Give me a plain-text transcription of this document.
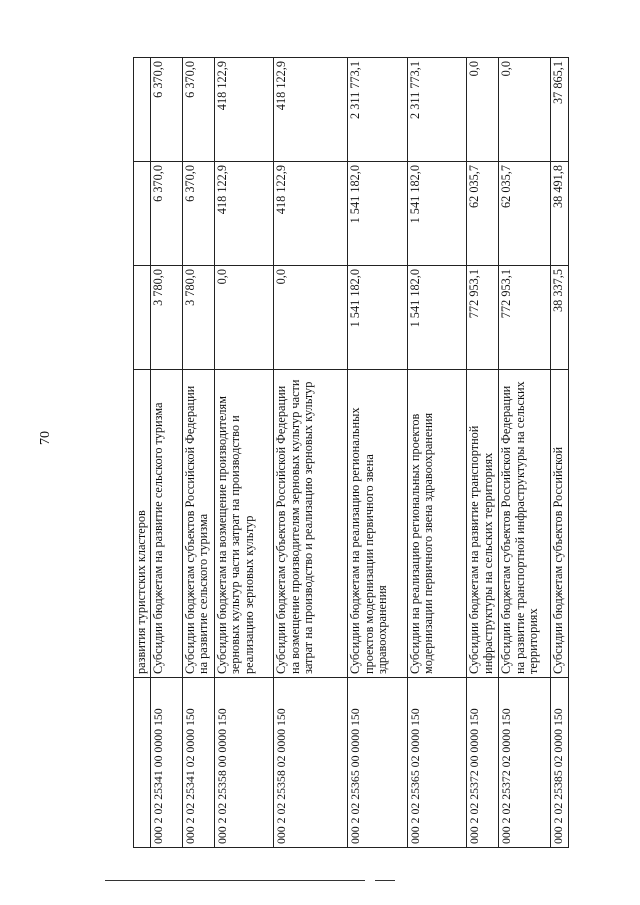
70
	развития туристских кластеров			
000 2 02 25341 00 0000 150	Субсидии бюджетам на развитие сельского туризма	3 780,0	6 370,0	6 370,0
000 2 02 25341 02 0000 150	Субсидии бюджетам субъектов Российской Федерации на развитие сельского туризма	3 780,0	6 370,0	6 370,0
000 2 02 25358 00 0000 150	Субсидии бюджетам на возмещение производителям зерновых культур части затрат на производство и реализацию зерновых культур	0,0	418 122,9	418 122,9
000 2 02 25358 02 0000 150	Субсидии бюджетам субъектов Российской Федерации на возмещение производителям зерновых культур части затрат на производство и реализацию зерновых культур	0,0	418 122,9	418 122,9
000 2 02 25365 00 0000 150	Субсидии бюджетам на реализацию региональных проектов модернизации первичного звена здравоохранения	1 541 182,0	1 541 182,0	2 311 773,1
000 2 02 25365 02 0000 150	Субсидии на реализацию региональных проектов модернизации первичного звена здравоохранения	1 541 182,0	1 541 182,0	2 311 773,1
000 2 02 25372 00 0000 150	Субсидии бюджетам на развитие транспортной инфраструктуры на сельских территориях	772 953,1	62 035,7	0,0
000 2 02 25372 02 0000 150	Субсидии бюджетам субъектов Российской Федерации на развитие транспортной инфраструктуры на сельских территориях	772 953,1	62 035,7	0,0
000 2 02 25385 02 0000 150	Субсидии бюджетам субъектов Российской	38 337,5	38 491,8	37 865,1
